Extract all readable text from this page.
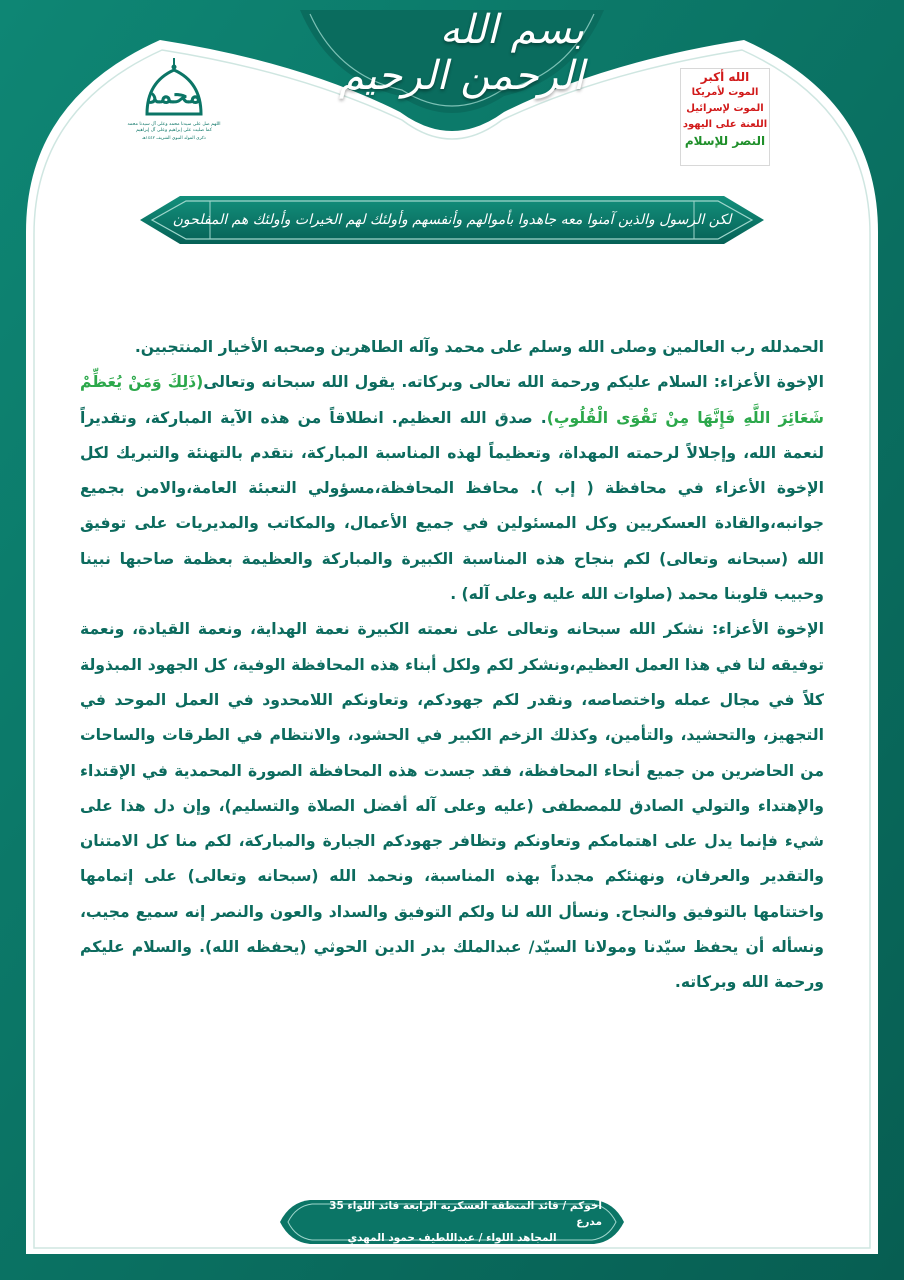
بسم الله الرحمن الرحيم
محمد
اللهم صل على سيدنا محمد وعلى آل سيدنا محمد كما صليت على إبراهيم وعلى آل إبراهيم
ذكرى المولد النبوي الشريف ١٤٤٢هـ
الله أكبر
الموت لأمريكا
الموت لإسرائيل
اللعنة على اليهود
النصر للإسلام
لكن الرسول والذين آمنوا معه جاهدوا بأموالهم وأنفسهم وأولئك لهم الخيرات وأولئك هم المفلحون
الحمدلله رب العالمين وصلى الله وسلم على محمد وآله الطاهرين وصحبه الأخيار المنتجبين.
الإخوة الأعزاء: السلام عليكم ورحمة الله تعالى وبركاته. يقول الله سبحانه وتعالى(ذَلِكَ وَمَنْ يُعَظِّمْ شَعَائِرَ اللَّهِ فَإِنَّهَا مِنْ تَقْوَى الْقُلُوبِ). صدق الله العظيم. انطلاقاً من هذه الآية المباركة، وتقديراً لنعمة الله، وإجلالاً لرحمته المهداة، وتعظيماً لهذه المناسبة المباركة، نتقدم بالتهنئة والتبريك لكل الإخوة الأعزاء في محافظة ( إب ). محافظ المحافظة،مسؤولي التعبئة العامة،والامن بجميع جوانبه،والقادة العسكريين وكل المسئولين في جميع الأعمال، والمكاتب والمديريات على توفيق الله (سبحانه وتعالى) لكم بنجاح هذه المناسبة الكبيرة والمباركة والعظيمة بعظمة صاحبها نبينا وحبيب قلوبنا محمد (صلوات الله عليه وعلى آله) .
الإخوة الأعزاء: نشكر الله سبحانه وتعالى على نعمته الكبيرة نعمة الهداية، ونعمة القيادة، ونعمة توفيقه لنا في هذا العمل العظيم،ونشكر لكم ولكل أبناء هذه المحافظة الوفية، كل الجهود المبذولة كلاً في مجال عمله واختصاصه، ونقدر لكم جهودكم، وتعاونكم اللامحدود في العمل الموحد في التجهيز، والتحشيد، والتأمين، وكذلك الزخم الكبير في الحشود، والانتظام في الطرقات والساحات من الحاضرين من جميع أنحاء المحافظة، فقد جسدت هذه المحافظة الصورة المحمدية في الإقتداء والإهتداء والتولي الصادق للمصطفى (عليه وعلى آله أفضل الصلاة والتسليم)، وإن دل هذا على شيء فإنما يدل على اهتمامكم وتعاونكم وتظافر جهودكم الجبارة والمباركة، لكم منا كل الامتنان والتقدير والعرفان، ونهنئكم مجدداً بهذه المناسبة، ونحمد الله (سبحانه وتعالى) على إتمامها واختتامها بالتوفيق والنجاح. ونسأل الله لنا ولكم التوفيق والسداد والعون والنصر إنه سميع مجيب، ونسأله أن يحفظ سيّدنا ومولانا السيّد/ عبدالملك بدر الدين الحوثي (يحفظه الله). والسلام عليكم ورحمة الله وبركاته.
أخوكم / قائد المنطقة العسكرية الرابعة قائد اللواء 35 مدرع
المجاهد اللواء / عبداللطيف حمود المهدي
